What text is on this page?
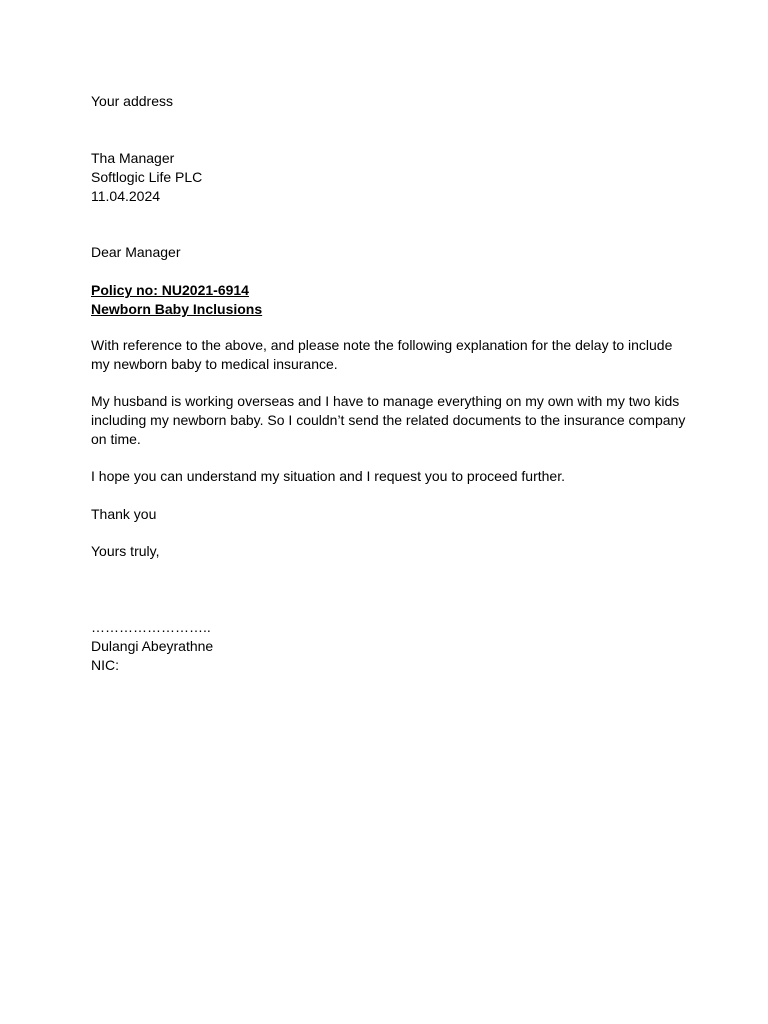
Your address
Tha Manager
Softlogic Life PLC
11.04.2024
Dear Manager
Policy no: NU2021-6914
Newborn Baby Inclusions
With reference to the above, and please note the following explanation for the delay to include my newborn baby to medical insurance.
My husband is working overseas and I have to manage everything on my own with my two kids including my newborn baby. So I couldn’t send the related documents to the insurance company on time.
I hope you can understand my situation and I request you to proceed further.
Thank you
Yours truly,
……………………..
Dulangi Abeyrathne
NIC:
